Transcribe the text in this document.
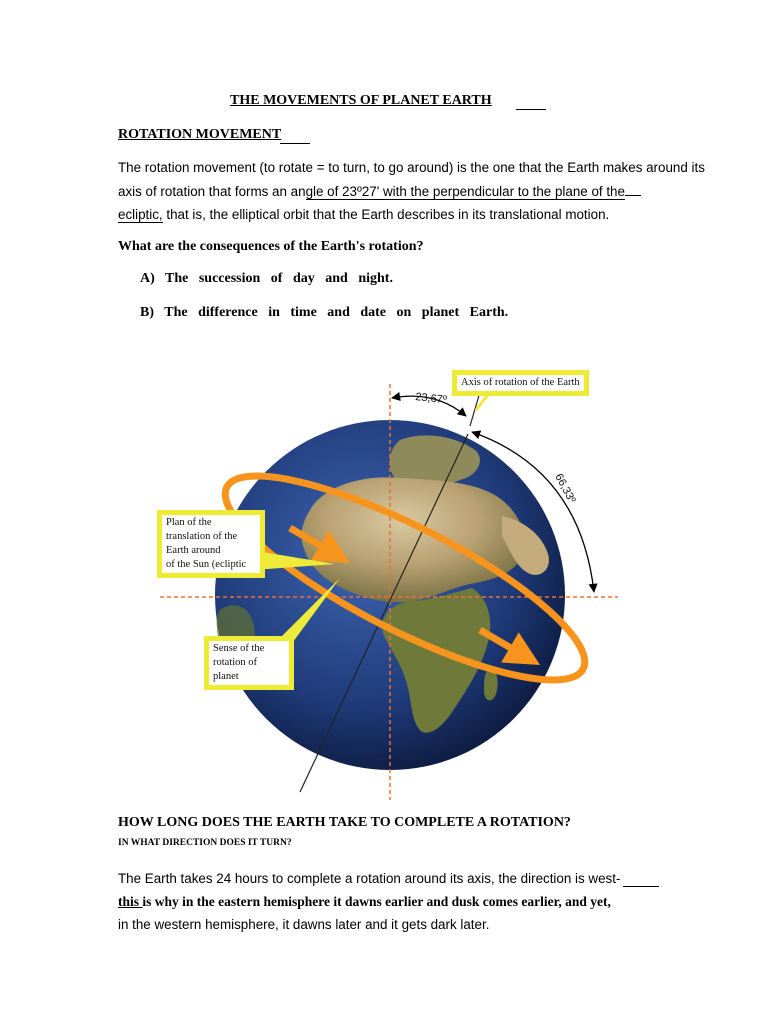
THE MOVEMENTS OF PLANET EARTH
ROTATION MOVEMENT
The rotation movement (to rotate = to turn, to go around) is the one that the Earth makes around its
axis of rotation that forms an angle of 23º27' with the perpendicular to the plane of the
ecliptic, that is, the elliptical orbit that the Earth describes in its translational motion.
What are the consequences of the Earth's rotation?
A) The succession of day and night.
B) The difference in time and date on planet Earth.
23,67º
66,33º
Axis of rotation of the Earth
Plan of the
translation of the
Earth around
of the Sun (ecliptic
Sense of the
rotation of
planet
HOW LONG DOES THE EARTH TAKE TO COMPLETE A ROTATION?
IN WHAT DIRECTION DOES IT TURN?
The Earth takes 24 hours to complete a rotation around its axis, the direction is west-
this is why in the eastern hemisphere it dawns earlier and dusk comes earlier, and yet,
in the western hemisphere, it dawns later and it gets dark later.
